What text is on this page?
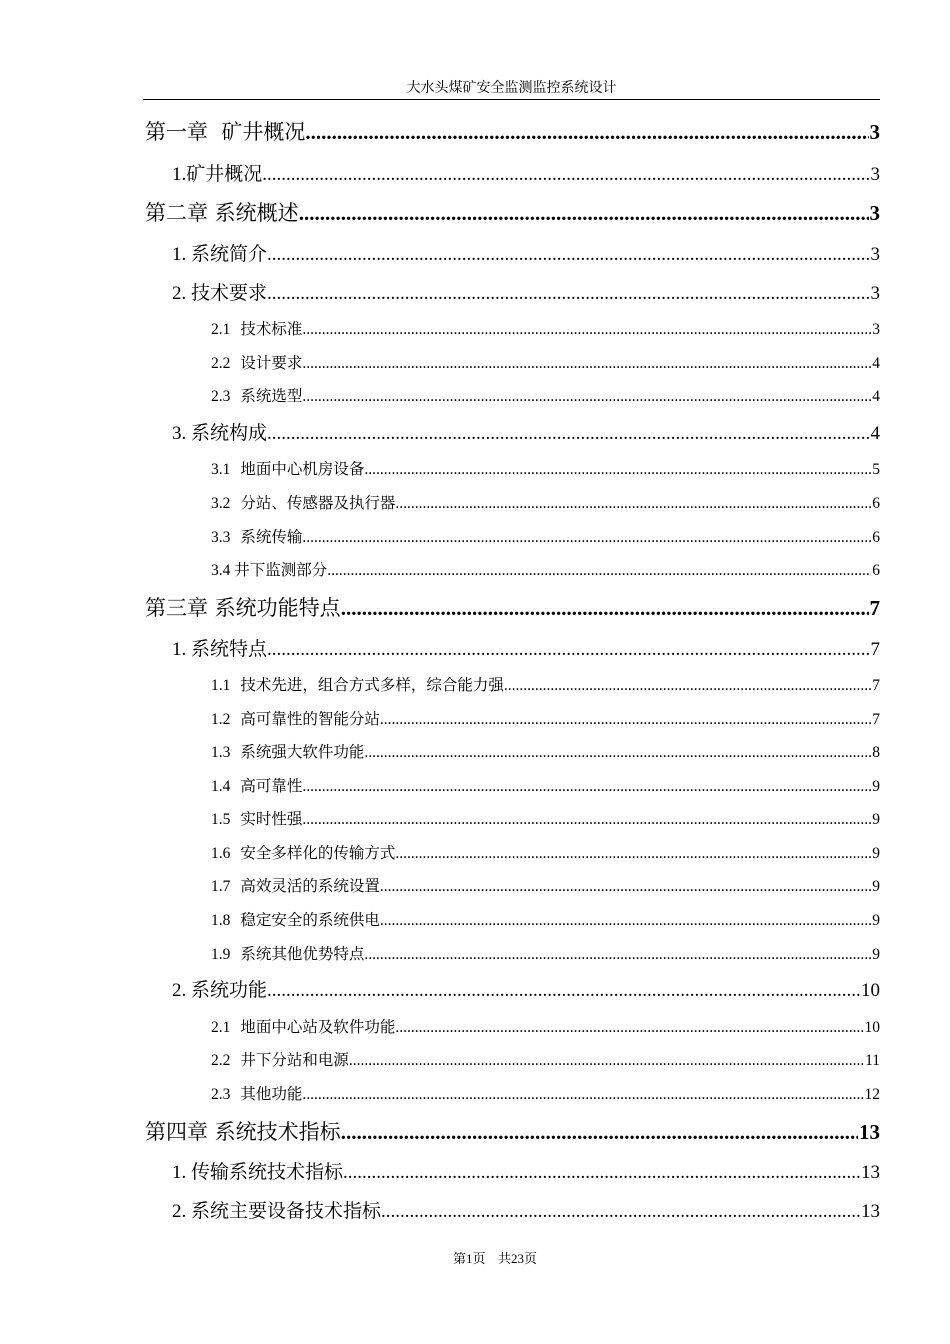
大水头煤矿安全监测监控系统设计
第一章 矿井概况 .....	3
1. 矿井概况 .....	3
第二章 系统概述 .....	3
1. 系统简介 .....	3
2. 技术要求 .....	3
2.1 技术标准 .....	3
2.2 设计要求 .....	4
2.3 系统选型 .....	4
3. 系统构成 .....	4
3.1 地面中心机房设备 .....	5
3.2 分站、传感器及执行器 .....	6
3.3 系统传输 .....	6
3.4 井下监测部分 .....	6
第三章 系统功能特点 .....	7
1. 系统特点 .....	7
1.1 技术先进，组合方式多样，综合能力强 .....	7
1.2 高可靠性的智能分站 .....	7
1.3 系统强大软件功能 .....	8
1.4 高可靠性 .....	9
1.5 实时性强 .....	9
1.6 安全多样化的传输方式 .....	9
1.7 高效灵活的系统设置 .....	9
1.8 稳定安全的系统供电 .....	9
1.9 系统其他优势特点 .....	9
2. 系统功能 .....	10
2.1 地面中心站及软件功能 .....	10
2.2 井下分站和电源 .....	11
2.3 其他功能 .....	12
第四章 系统技术指标 .....	13
1. 传输系统技术指标 .....	13
2. 系统主要设备技术指标 .....	13
第1页   共23页
